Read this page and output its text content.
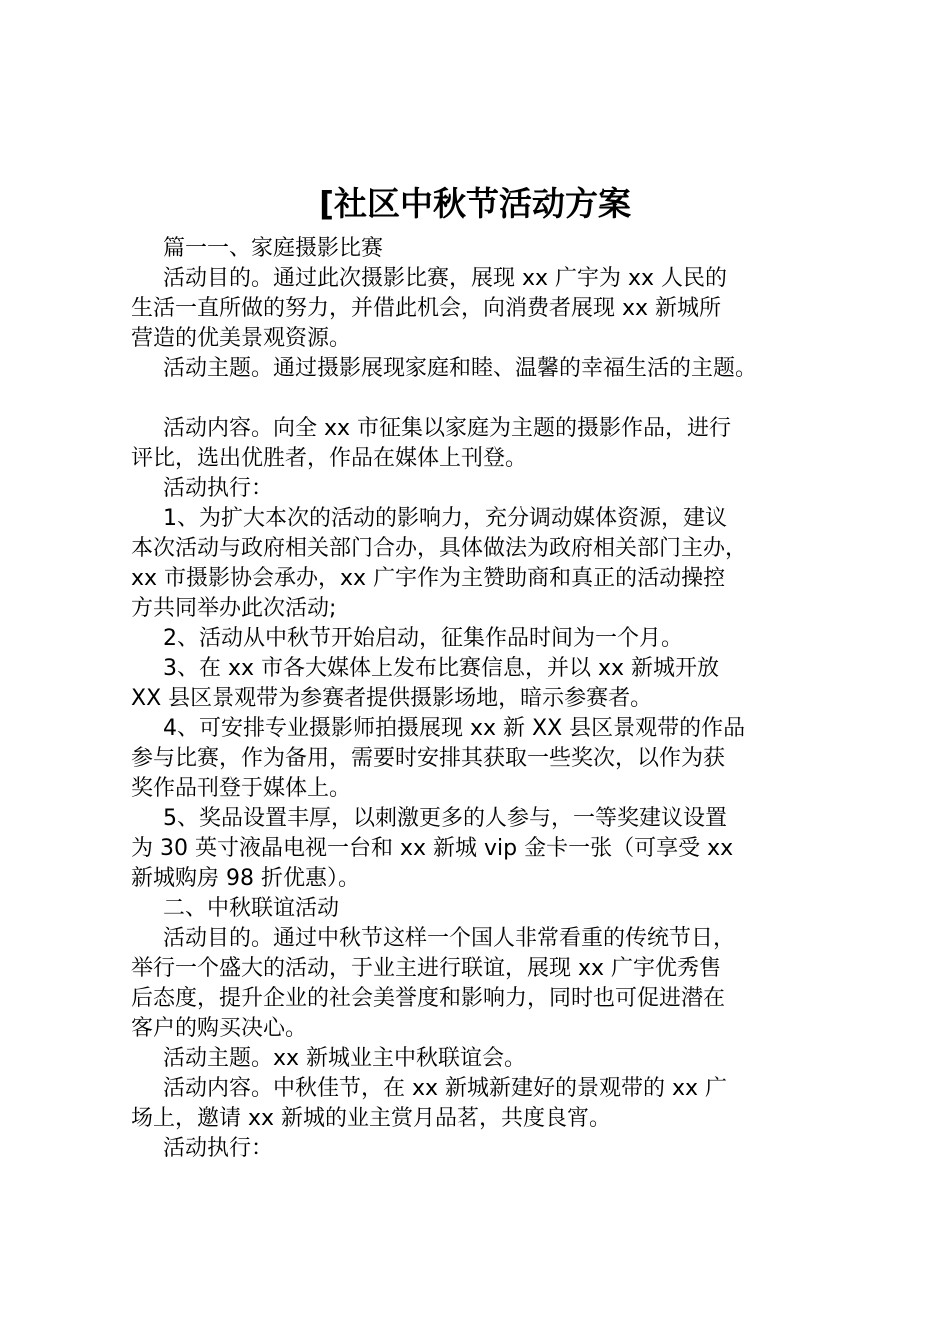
[社区中秋节活动方案
篇一一、家庭摄影比赛
活动目的。通过此次摄影比赛，展现 xx 广宇为 xx 人民的
生活一直所做的努力，并借此机会，向消费者展现 xx 新城所
营造的优美景观资源。
活动主题。通过摄影展现家庭和睦、温馨的幸福生活的主题。
活动内容。向全 xx 市征集以家庭为主题的摄影作品，进行
评比，选出优胜者，作品在媒体上刊登。
活动执行：
1、为扩大本次的活动的影响力，充分调动媒体资源，建议
本次活动与政府相关部门合办，具体做法为政府相关部门主办，
xx 市摄影协会承办，xx 广宇作为主赞助商和真正的活动操控
方共同举办此次活动;
2、活动从中秋节开始启动，征集作品时间为一个月。
3、在 xx 市各大媒体上发布比赛信息，并以 xx 新城开放
XX 县区景观带为参赛者提供摄影场地，暗示参赛者。
4、可安排专业摄影师拍摄展现 xx 新 XX 县区景观带的作品
参与比赛，作为备用，需要时安排其获取一些奖次，以作为获
奖作品刊登于媒体上。
5、奖品设置丰厚，以刺激更多的人参与，一等奖建议设置
为 30 英寸液晶电视一台和 xx 新城 vip 金卡一张（可享受 xx
新城购房 98 折优惠）。
二、中秋联谊活动
活动目的。通过中秋节这样一个国人非常看重的传统节日，
举行一个盛大的活动，于业主进行联谊，展现 xx 广宇优秀售
后态度，提升企业的社会美誉度和影响力，同时也可促进潜在
客户的购买决心。
活动主题。xx 新城业主中秋联谊会。
活动内容。中秋佳节，在 xx 新城新建好的景观带的 xx 广
场上，邀请 xx 新城的业主赏月品茗，共度良宵。
活动执行：
